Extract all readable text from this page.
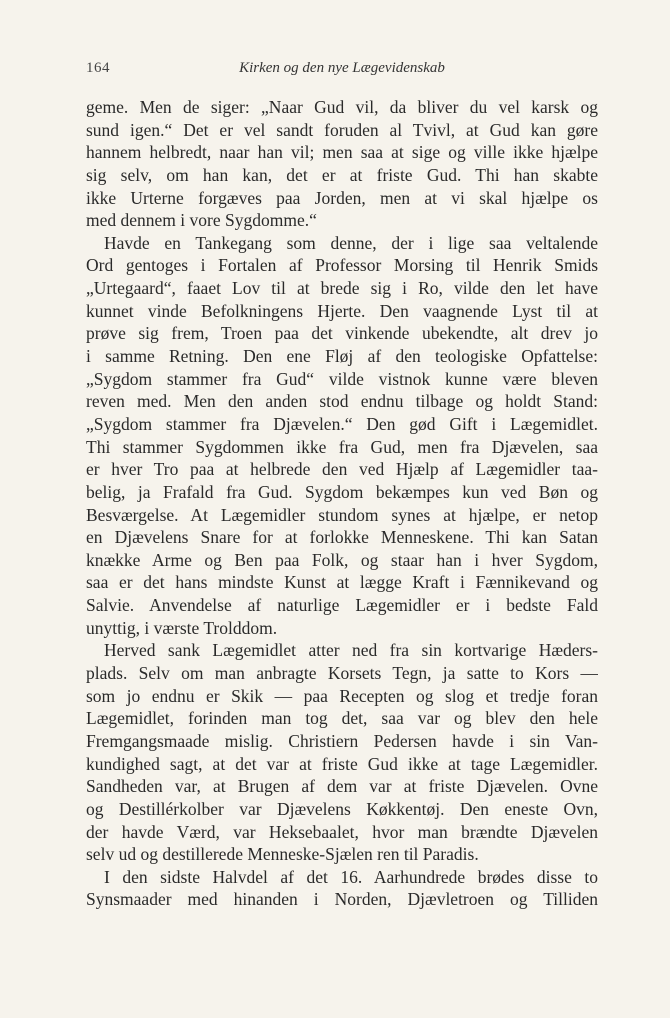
164	Kirken og den nye Lægevidenskab
geme. Men de siger: „Naar Gud vil, da bliver du vel karsk og
sund igen.“ Det er vel sandt foruden al Tvivl, at Gud kan gøre
hannem helbredt, naar han vil; men saa at sige og ville ikke hjælpe
sig selv, om han kan, det er at friste Gud. Thi han skabte
ikke Urterne forgæves paa Jorden, men at vi skal hjælpe os
med dennem i vore Sygdomme.“
Havde en Tankegang som denne, der i lige saa veltalende
Ord gentoges i Fortalen af Professor Morsing til Henrik Smids
„Urtegaard“, faaet Lov til at brede sig i Ro, vilde den let have
kunnet vinde Befolkningens Hjerte. Den vaagnende Lyst til at
prøve sig frem, Troen paa det vinkende ubekendte, alt drev jo
i samme Retning. Den ene Fløj af den teologiske Opfattelse:
„Sygdom stammer fra Gud“ vilde vistnok kunne være bleven
reven med. Men den anden stod endnu tilbage og holdt Stand:
„Sygdom stammer fra Djævelen.“ Den gød Gift i Lægemidlet.
Thi stammer Sygdommen ikke fra Gud, men fra Djævelen, saa
er hver Tro paa at helbrede den ved Hjælp af Lægemidler taa-
belig, ja Frafald fra Gud. Sygdom bekæmpes kun ved Bøn og
Besværgelse. At Lægemidler stundom synes at hjælpe, er netop
en Djævelens Snare for at forlokke Menneskene. Thi kan Satan
knække Arme og Ben paa Folk, og staar han i hver Sygdom,
saa er det hans mindste Kunst at lægge Kraft i Fænnikevand og
Salvie. Anvendelse af naturlige Lægemidler er i bedste Fald
unyttig, i værste Trolddom.
Herved sank Lægemidlet atter ned fra sin kortvarige Hæders-
plads. Selv om man anbragte Korsets Tegn, ja satte to Kors —
som jo endnu er Skik — paa Recepten og slog et tredje foran
Lægemidlet, forinden man tog det, saa var og blev den hele
Fremgangsmaade mislig. Christiern Pedersen havde i sin Van-
kundighed sagt, at det var at friste Gud ikke at tage Lægemidler.
Sandheden var, at Brugen af dem var at friste Djævelen. Ovne
og Destillérkolber var Djævelens Køkkentøj. Den eneste Ovn,
der havde Værd, var Heksebaalet, hvor man brændte Djævelen
selv ud og destillerede Menneske-Sjælen ren til Paradis.
I den sidste Halvdel af det 16. Aarhundrede brødes disse to
Synsmaader med hinanden i Norden, Djævletroen og Tilliden
